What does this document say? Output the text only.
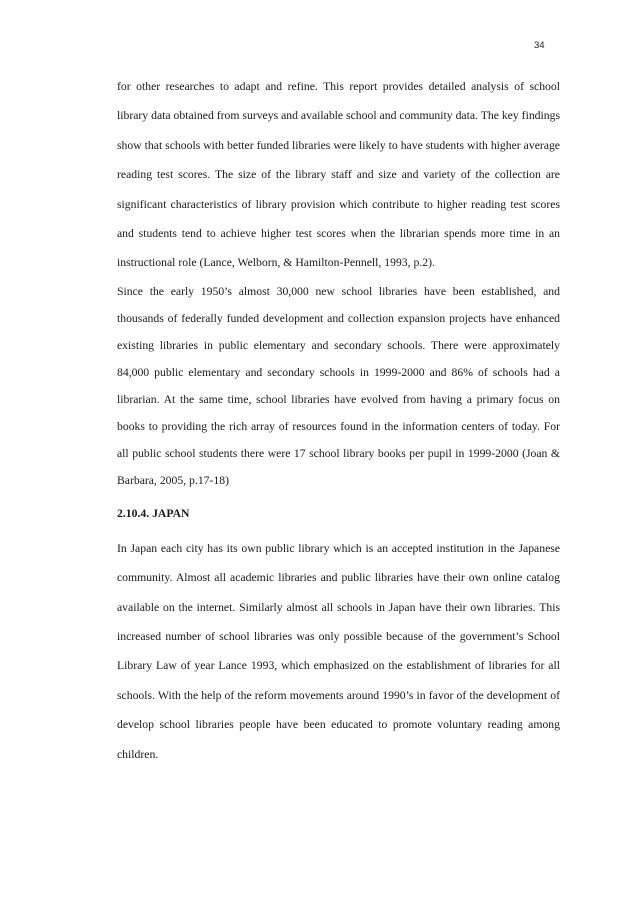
34

for other researches to adapt and refine. This report provides detailed analysis of school library data obtained from surveys and available school and community data. The key findings show that schools with better funded libraries were likely to have students with higher average reading test scores. The size of the library staff and size and variety of the collection are significant characteristics of library provision which contribute to higher reading test scores and students tend to achieve higher test scores when the librarian spends more time in an instructional role (Lance, Welborn, & Hamilton-Pennell, 1993, p.2).

Since the early 1950’s almost 30,000 new school libraries have been established, and thousands of federally funded development and collection expansion projects have enhanced existing libraries in public elementary and secondary schools. There were approximately 84,000 public elementary and secondary schools in 1999-2000 and 86% of schools had a librarian. At the same time, school libraries have evolved from having a primary focus on books to providing the rich array of resources found in the information centers of today. For all public school students there were 17 school library books per pupil in 1999-2000 (Joan & Barbara, 2005, p.17-18)

2.10.4. JAPAN

In Japan each city has its own public library which is an accepted institution in the Japanese community. Almost all academic libraries and public libraries have their own online catalog available on the internet. Similarly almost all schools in Japan have their own libraries. This increased number of school libraries was only possible because of the government’s School Library Law of year Lance 1993, which emphasized on the establishment of libraries for all schools. With the help of the reform movements around 1990’s in favor of the development of develop school libraries people have been educated to promote voluntary reading among children.
